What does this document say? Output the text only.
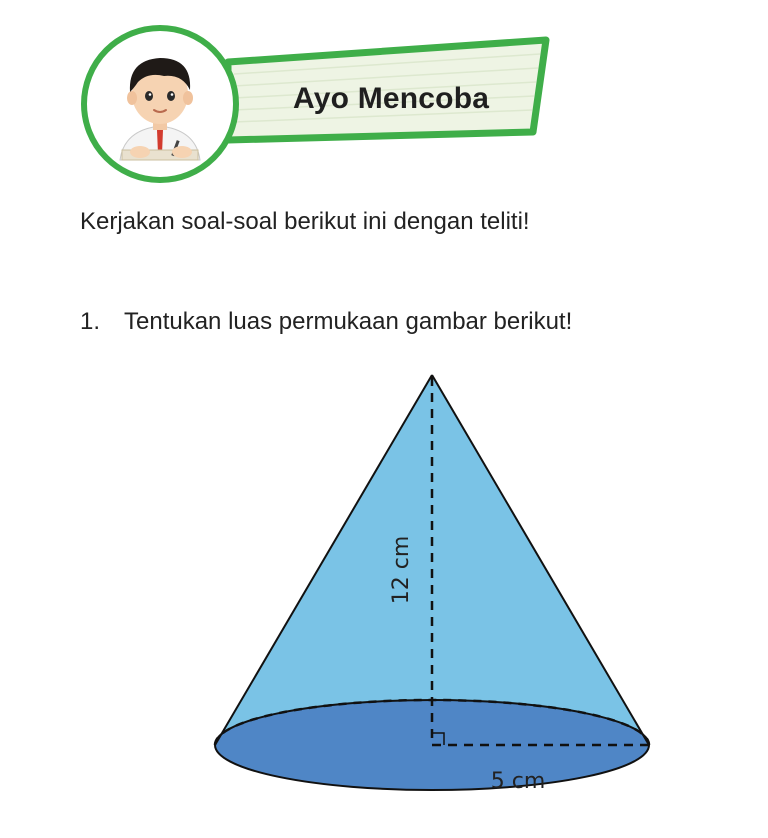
Ayo Mencoba
Kerjakan soal-soal berikut ini dengan teliti!
1. Tentukan luas permukaan gambar berikut!
12 cm
5 cm
